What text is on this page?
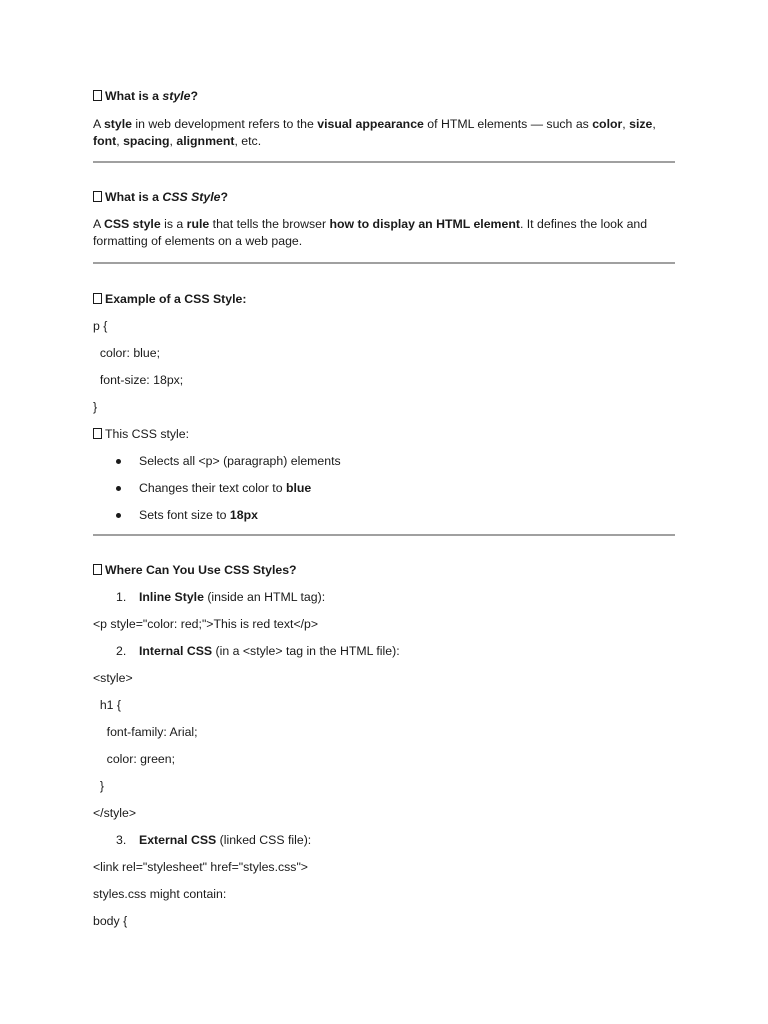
What is a style?

A style in web development refers to the visual appearance of HTML elements — such as color, size,
font, spacing, alignment, etc.

What is a CSS Style?

A CSS style is a rule that tells the browser how to display an HTML element. It defines the look and
formatting of elements on a web page.

Example of a CSS Style:
p {
color: blue;
font-size: 18px;
}
This CSS style:
Selects all <p> (paragraph) elements
Changes their text color to blue
Sets font size to 18px
Where Can You Use CSS Styles?
1. Inline Style (inside an HTML tag):
<p style="color: red;">This is red text</p>
2. Internal CSS (in a <style> tag in the HTML file):
<style>
h1 {
font-family: Arial;
color: green;
}
</style>
3. External CSS (linked CSS file):
<link rel="stylesheet" href="styles.css">
styles.css might contain:
body {
